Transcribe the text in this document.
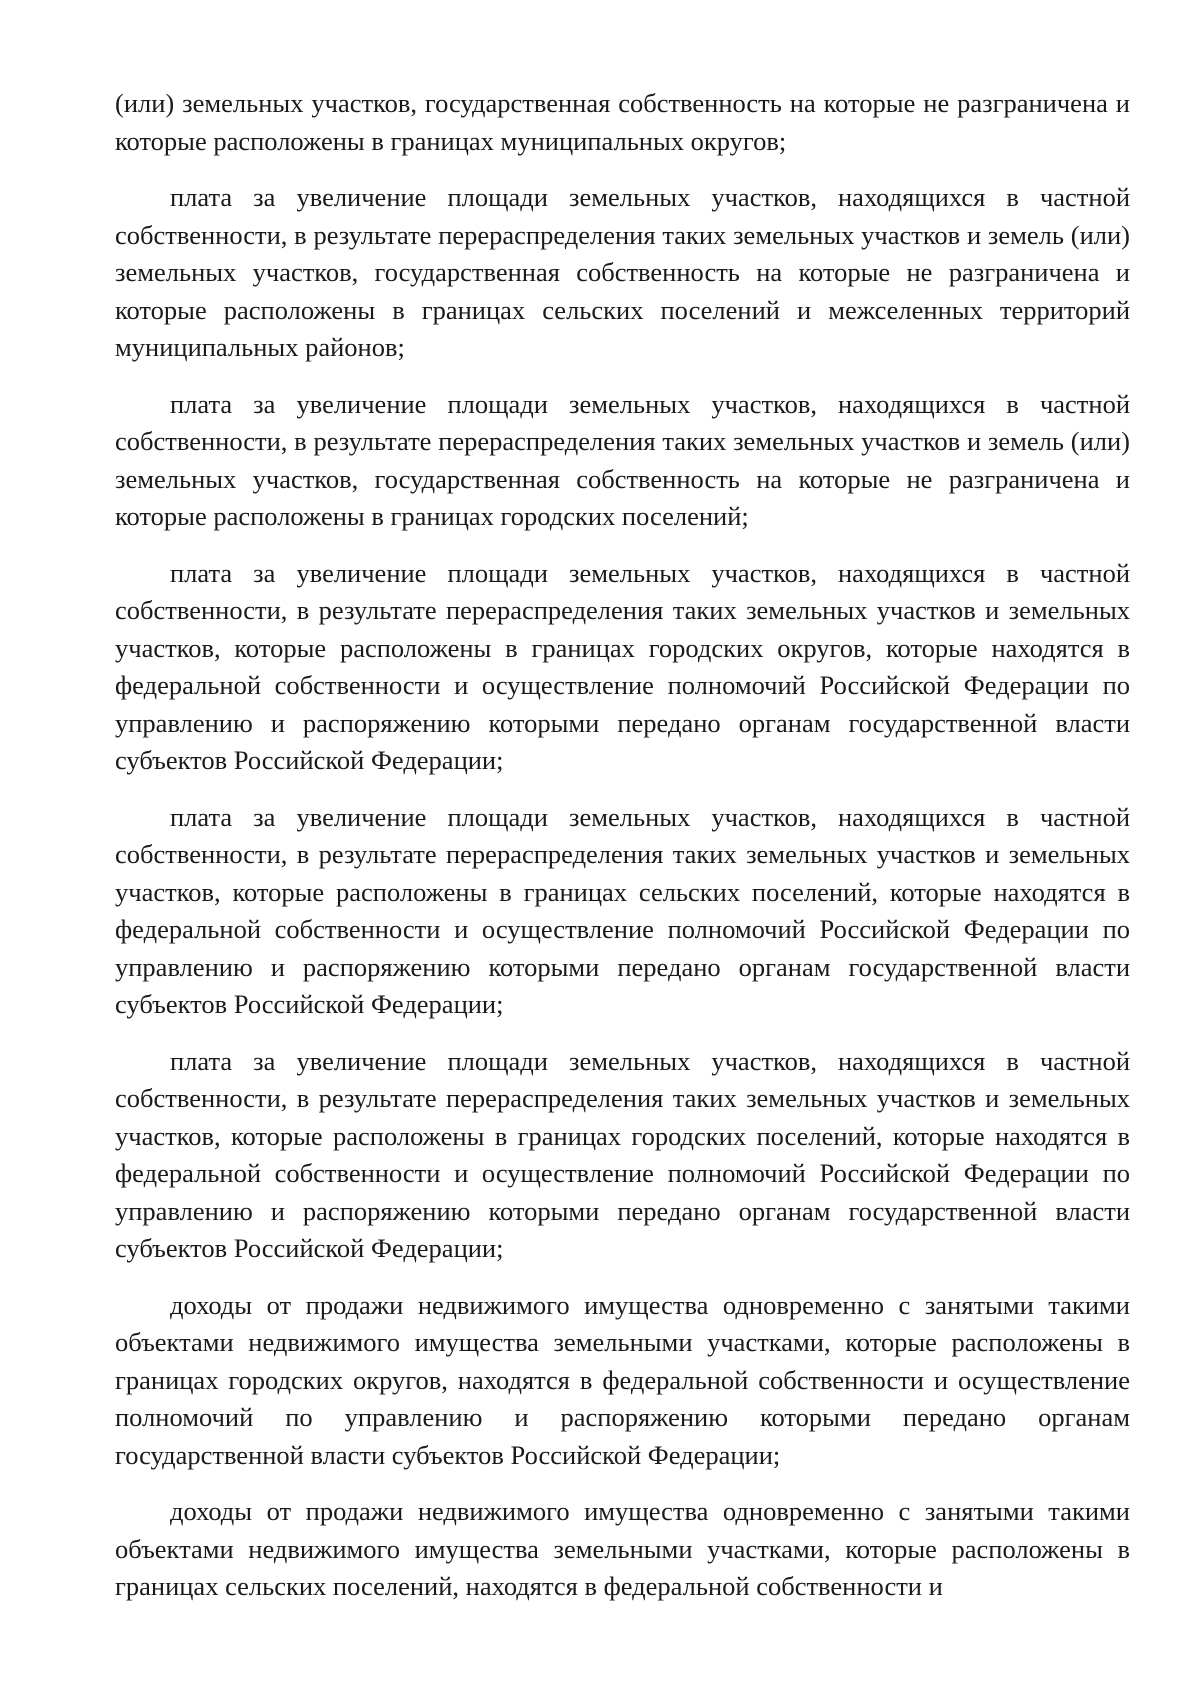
(или) земельных участков, государственная собственность на которые не разграничена и которые расположены в границах муниципальных округов;

плата за увеличение площади земельных участков, находящихся в частной собственности, в результате перераспределения таких земельных участков и земель (или) земельных участков, государственная собственность на которые не разграничена и которые расположены в границах сельских поселений и межселенных территорий муниципальных районов;

плата за увеличение площади земельных участков, находящихся в частной собственности, в результате перераспределения таких земельных участков и земель (или) земельных участков, государственная собственность на которые не разграничена и которые расположены в границах городских поселений;

плата за увеличение площади земельных участков, находящихся в частной собственности, в результате перераспределения таких земельных участков и земельных участков, которые расположены в границах городских округов, которые находятся в федеральной собственности и осуществление полномочий Российской Федерации по управлению и распоряжению которыми передано органам государственной власти субъектов Российской Федерации;

плата за увеличение площади земельных участков, находящихся в частной собственности, в результате перераспределения таких земельных участков и земельных участков, которые расположены в границах сельских поселений, которые находятся в федеральной собственности и осуществление полномочий Российской Федерации по управлению и распоряжению которыми передано органам государственной власти субъектов Российской Федерации;

плата за увеличение площади земельных участков, находящихся в частной собственности, в результате перераспределения таких земельных участков и земельных участков, которые расположены в границах городских поселений, которые находятся в федеральной собственности и осуществление полномочий Российской Федерации по управлению и распоряжению которыми передано органам государственной власти субъектов Российской Федерации;

доходы от продажи недвижимого имущества одновременно с занятыми такими объектами недвижимого имущества земельными участками, которые расположены в границах городских округов, находятся в федеральной собственности и осуществление полномочий по управлению и распоряжению которыми передано органам государственной власти субъектов Российской Федерации;

доходы от продажи недвижимого имущества одновременно с занятыми такими объектами недвижимого имущества земельными участками, которые расположены в границах сельских поселений, находятся в федеральной собственности и
